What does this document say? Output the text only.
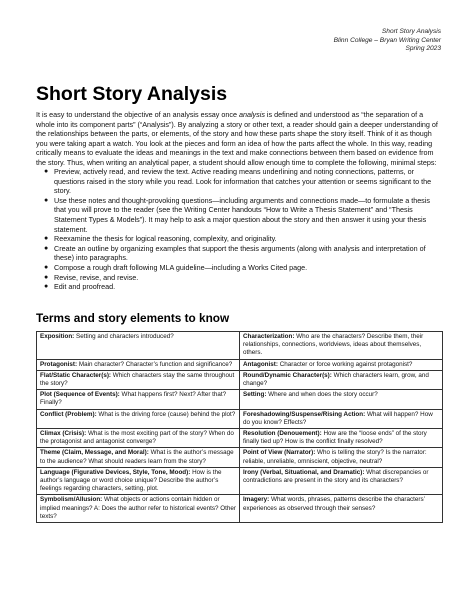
Short Story Analysis
Blinn College – Bryan Writing Center
Spring 2023
Short Story Analysis

It is easy to understand the objective of an analysis essay once analysis is defined and understood as “the separation of a whole into its component parts” (“Analysis”). By analyzing a story or other text, a reader should gain a deeper understanding of the relationships between the parts, or elements, of the story and how these parts shape the story itself. Think of it as though you were taking apart a watch. You look at the pieces and form an idea of how the parts affect the whole. In this way, reading critically means to evaluate the ideas and meanings in the text and make connections between them based on evidence from the story. Thus, when writing an analytical paper, a student should allow enough time to complete the following, minimal steps:

● Preview, actively read, and review the text. Active reading means underlining and noting connections, patterns, or questions raised in the story while you read. Look for information that catches your attention or seems significant to the story.
● Use these notes and thought-provoking questions—including arguments and connections made—to formulate a thesis that you will prove to the reader (see the Writing Center handouts “How to Write a Thesis Statement” and “Thesis Statement Types & Models”). It may help to ask a major question about the story and then answer it using your thesis statement.
● Reexamine the thesis for logical reasoning, complexity, and originality.
● Create an outline by organizing examples that support the thesis arguments (along with analysis and interpretation of these) into paragraphs.
● Compose a rough draft following MLA guideline—including a Works Cited page.
● Revise, revise, and revise.
● Edit and proofread.
Terms and story elements to know
Exposition: Setting and characters introduced?	Characterization: Who are the characters? Describe them, their relationships, connections, worldviews, ideas about themselves, others.
Protagonist: Main character? Character’s function and significance?	Antagonist: Character or force working against protagonist?
Flat/Static Character(s): Which characters stay the same throughout the story?	Round/Dynamic Character(s): Which characters learn, grow, and change?
Plot (Sequence of Events): What happens first? Next? After that? Finally?	Setting: Where and when does the story occur?
Conflict (Problem): What is the driving force (cause) behind the plot?	Foreshadowing/Suspense/Rising Action: What will happen? How do you know? Effects?
Climax (Crisis): What is the most exciting part of the story? When do the protagonist and antagonist converge?	Resolution (Denouement): How are the “loose ends” of the story finally tied up? How is the conflict finally resolved?
Theme (Claim, Message, and Moral): What is the author’s message to the audience? What should readers learn from the story?	Point of View (Narrator): Who is telling the story? Is the narrator: reliable, unreliable, omniscient, objective, neutral?
Language (Figurative Devices, Style, Tone, Mood): How is the author’s language or word choice unique? Describe the author’s feelings regarding characters, setting, plot.	Irony (Verbal, Situational, and Dramatic): What discrepancies or contradictions are present in the story and its characters?
Symbolism/Allusion: What objects or actions contain hidden or implied meanings? A: Does the author refer to historical events? Other texts?	Imagery: What words, phrases, patterns describe the characters’ experiences as observed through their senses?
